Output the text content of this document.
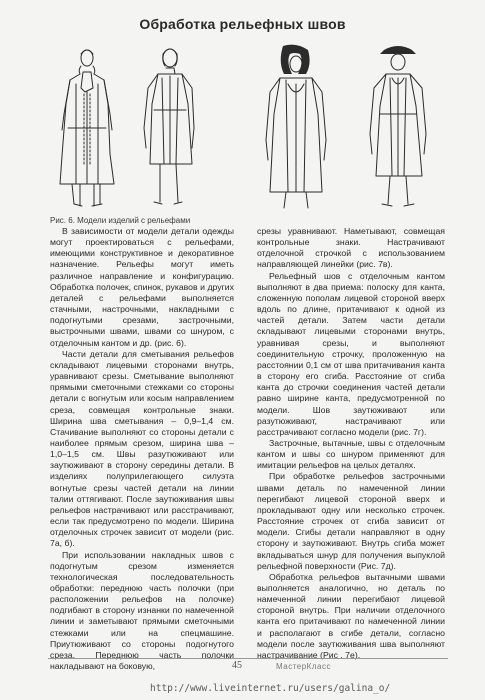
Обработка рельефных швов
Рис. 6. Модели изделий с рельефами

В зависимости от модели детали одежды могут проектироваться с рельефами, имеющими конструктивное и декоративное назначение. Рельефы могут иметь различное направление и конфигурацию. Обработка полочек, спинок, рукавов и других деталей с рельефами выполняется стачными, настрочными, накладными с подогнутыми срезами, застрочными, выстрочными швами, швами со шнуром, с отделочным кантом и др. (рис. 6).

Части детали для сметывания рельефов складывают лицевыми сторонами внутрь, уравнивают срезы. Сметывание выполняют прямыми сметочными стежками со стороны детали с вогнутым или косым направлением среза, совмещая контрольные знаки. Ширина шва сметывания – 0,9–1,4 см. Стачивание выполняют со стороны детали с наиболее прямым срезом, ширина шва – 1,0–1,5 см. Швы разутюживают или заутюживают в сторону середины детали. В изделиях полуприлегающего силуэта вогнутые срезы частей детали на линии талии оттягивают. После заутюживания швы рельефов настрачивают или расстрачивают, если так предусмотрено по модели. Ширина отделочных строчек зависит от модели (рис. 7а, б).

При использовании накладных швов с подогнутым срезом изменяется технологическая последовательность обработки: переднюю часть полочки (при расположении рельефов на полочке) подгибают в сторону изнанки по намеченной линии и заметывают прямыми сметочными стежками или на спецмашине. Приутюживают со стороны подогнутого среза. Переднюю часть полочки накладывают на боковую,

срезы уравнивают. Наметывают, совмещая контрольные знаки. Настрачивают отделочной строчкой с использованием направляющей линейки (рис. 7в).

Рельефный шов с отделочным кантом выполняют в два приема: полоску для канта, сложенную пополам лицевой стороной вверх вдоль по длине, притачивают к одной из частей детали. Затем части детали складывают лицевыми сторонами внутрь, уравнивая срезы, и выполняют соединительную строчку, проложенную на расстоянии 0,1 см от шва притачивания канта в сторону его сгиба. Расстояние от сгиба канта до строчки соединения частей детали равно ширине канта, предусмотренной по модели. Шов заутюживают или разутюживают, настрачивают или расстрачивают согласно модели (рис. 7г).

Застрочные, вытачные, швы с отделочным кантом и швы со шнуром применяют для имитации рельефов на целых деталях.

При обработке рельефов застрочными швами деталь по намеченной линии перегибают лицевой стороной вверх и прокладывают одну или несколько строчек. Расстояние строчек от сгиба зависит от модели. Сгибы детали направляют в одну сторону и заутюживают. Внутрь сгиба может вкладываться шнур для получения выпуклой рельефной поверхности (Рис. 7д).

Обработка рельефов вытачными швами выполняется аналогично, но деталь по намеченной линии перегибают лицевой стороной внутрь. При наличии отделочного канта его притачивают по намеченной линии и располагают в сгибе детали, согласно модели после заутюживания шва выполняют настрачивание (Рис . 7е).

45	МастерКласс
http://www.liveinternet.ru/users/galina_o/
